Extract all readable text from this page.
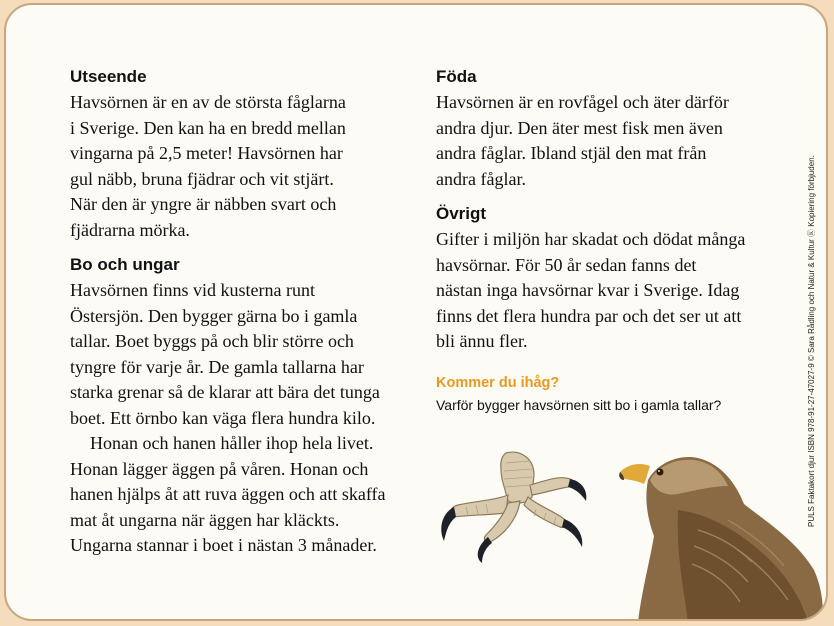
Utseende

Havsörnen är en av de största fåglarna
i Sverige. Den kan ha en bredd mellan
vingarna på 2,5 meter! Havsörnen har
gul näbb, bruna fjädrar och vit stjärt.
När den är yngre är näbben svart och
fjädrarna mörka.

Bo och ungar

Havsörnen finns vid kusterna runt
Östersjön. Den bygger gärna bo i gamla
tallar. Boet byggs på och blir större och
tyngre för varje år. De gamla tallarna har
starka grenar så de klarar att bära det tunga
boet. Ett örnbo kan väga flera hundra kilo.

Honan och hanen håller ihop hela livet.
Honan lägger äggen på våren. Honan och
hanen hjälps åt att ruva äggen och att skaffa
mat åt ungarna när äggen har kläckts.
Ungarna stannar i boet i nästan 3 månader.

Föda

Havsörnen är en rovfågel och äter därför
andra djur. Den äter mest fisk men även
andra fåglar. Ibland stjäl den mat från
andra fåglar.

Övrigt

Gifter i miljön har skadat och dödat många
havsörnar. För 50 år sedan fanns det
nästan inga havsörnar kvar i Sverige. Idag
finns det flera hundra par och det ser ut att
bli ännu fler.

Kommer du ihåg?
Varför bygger havsörnen sitt bo i gamla tallar?	PULS Faktakort djur ISBN 978-91-27-47027-9 © Sara Rådling och Natur & Kultur Ⓚ Kopiering förbjuden.
